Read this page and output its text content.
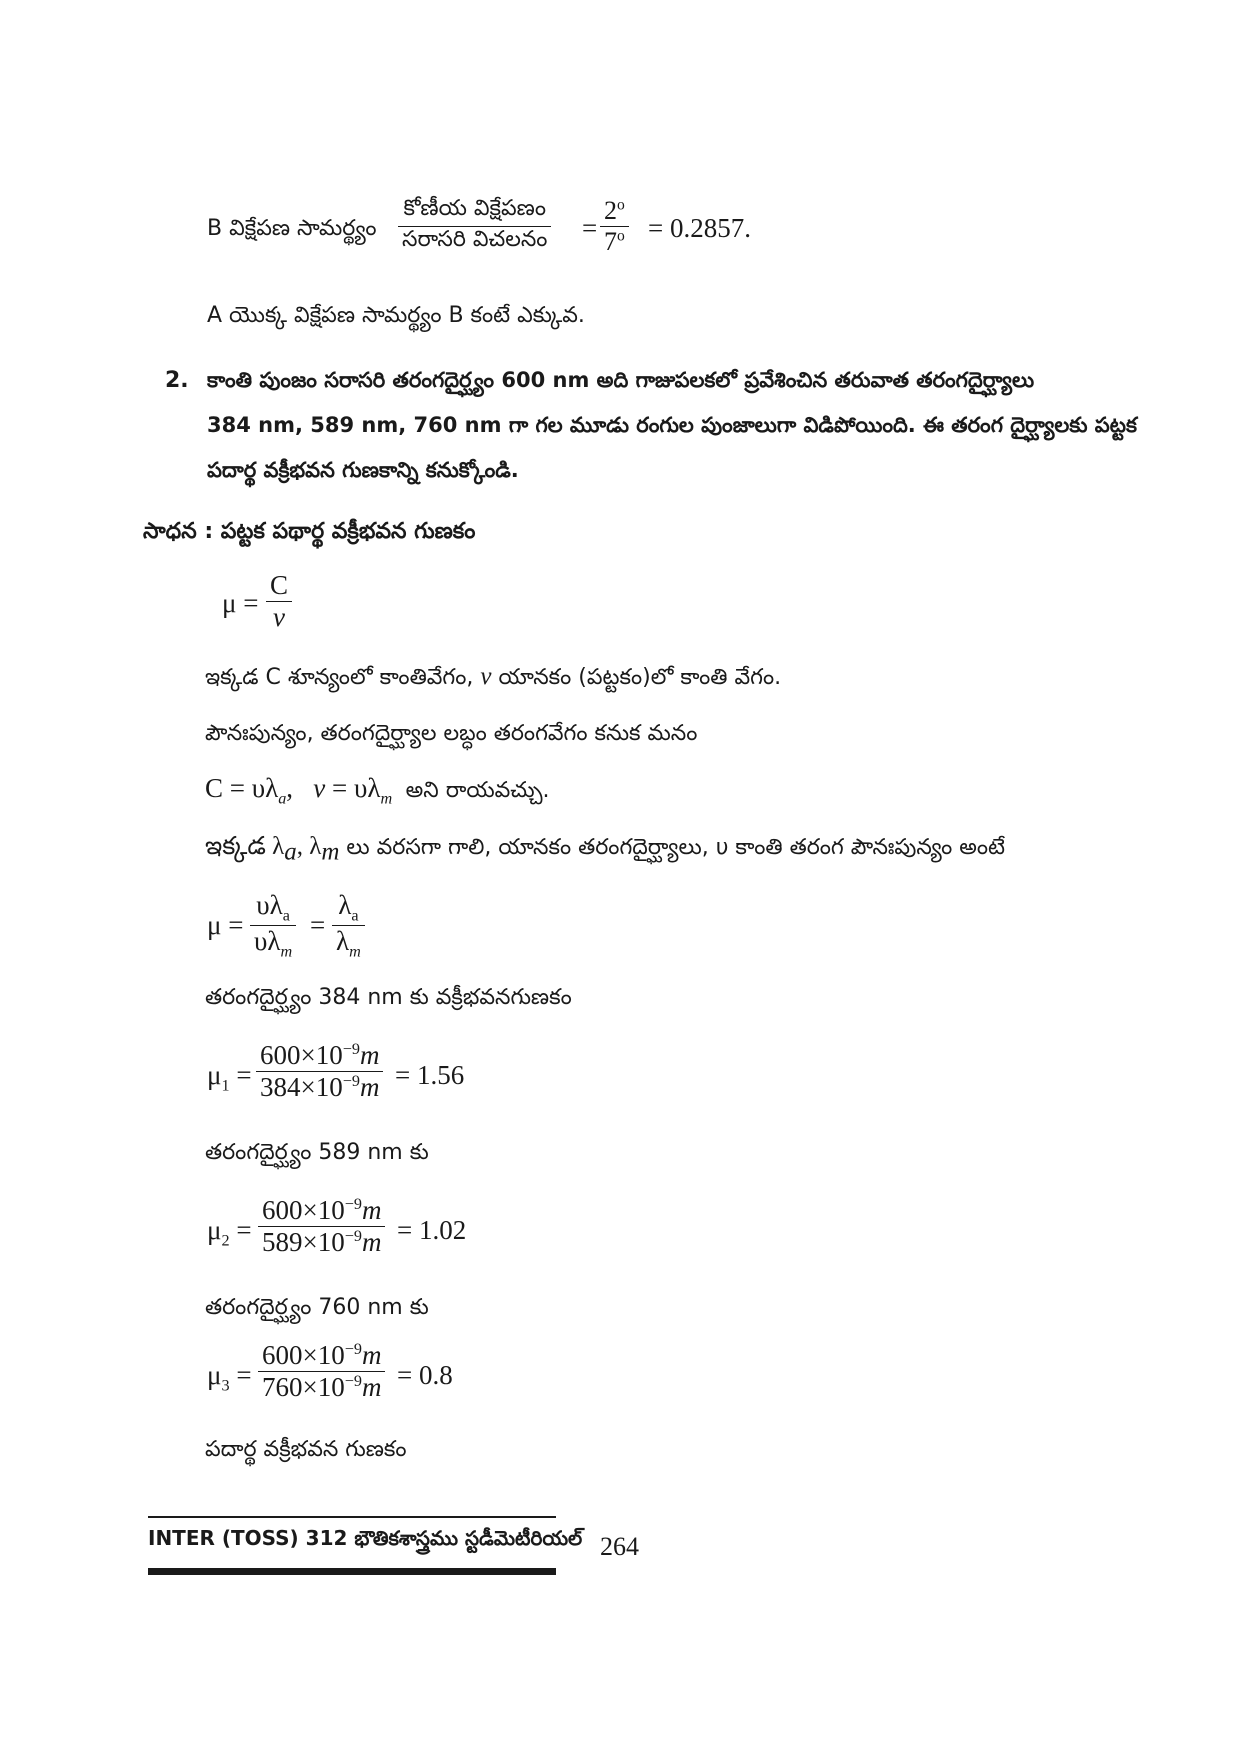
B విక్షేపణ సామర్థ్యం
కోణీయ విక్షేపణం
సరాసరి విచలనం =
$2^o$
$7^o = 0.2857$.
A యొక్క విక్షేపణ సామర్థ్యం B కంటే ఎక్కువ.
2. కాంతి పుంజం సరాసరి తరంగదైర్ఘ్యం 600 nm అది గాజుపలకలో ప్రవేశించిన తరువాత తరంగదైర్ఘ్యాలు
384 nm, 589 nm, 760 nm గా గల మూడు రంగుల పుంజాలుగా విడిపోయింది. ఈ తరంగ దైర్ఘ్యాలకు పట్టక
పదార్థ వక్రీభవన గుణకాన్ని కనుక్కోండి.
సాధన : పట్టక పథార్థ వక్రీభవన గుణకం
μ =
C
v
ఇక్కడ C శూన్యంలో కాంతివేగం, v యానకం (పట్టకం)లో కాంతి వేగం.
పౌనఃపున్యం, తరంగదైర్ఘ్యాల లబ్ధం తరంగవేగం కనుక మనం
$C = \upsilon\lambda_a$, $v = \upsilon\lambda_m$ అని రాయవచ్చు.
ఇక్కడ $\lambda_a$, $\lambda_m$ లు వరసగా గాలి, యానకం తరంగదైర్ఘ్యాలు, υ కాంతి తరంగ పౌనఃపున్యం అంటే
μ =
$\upsilon\lambda_a$
$\upsilon\lambda_m$
=
$\lambda_a$
$\lambda_m$
తరంగదైర్ఘ్యం 384 nm కు వక్రీభవనగుణకం
$\mu_1$ =
$600\times 10^{-9}m$
$384\times 10^{-9}m = 1.56$
తరంగదైర్ఘ్యం 589 nm కు
$\mu_2$ =
$600\times 10^{-9}m$
$589\times 10^{-9}m = 1.02$
తరంగదైర్ఘ్యం 760 nm కు
$\mu_3$ =
$600\times 10^{-9}m$
$760\times 10^{-9}m = 0.8$
పదార్థ వక్రీభవన గుణకం
INTER (TOSS) 312 భౌతికశాస్త్రము స్టడీమెటీరియల్ 264
